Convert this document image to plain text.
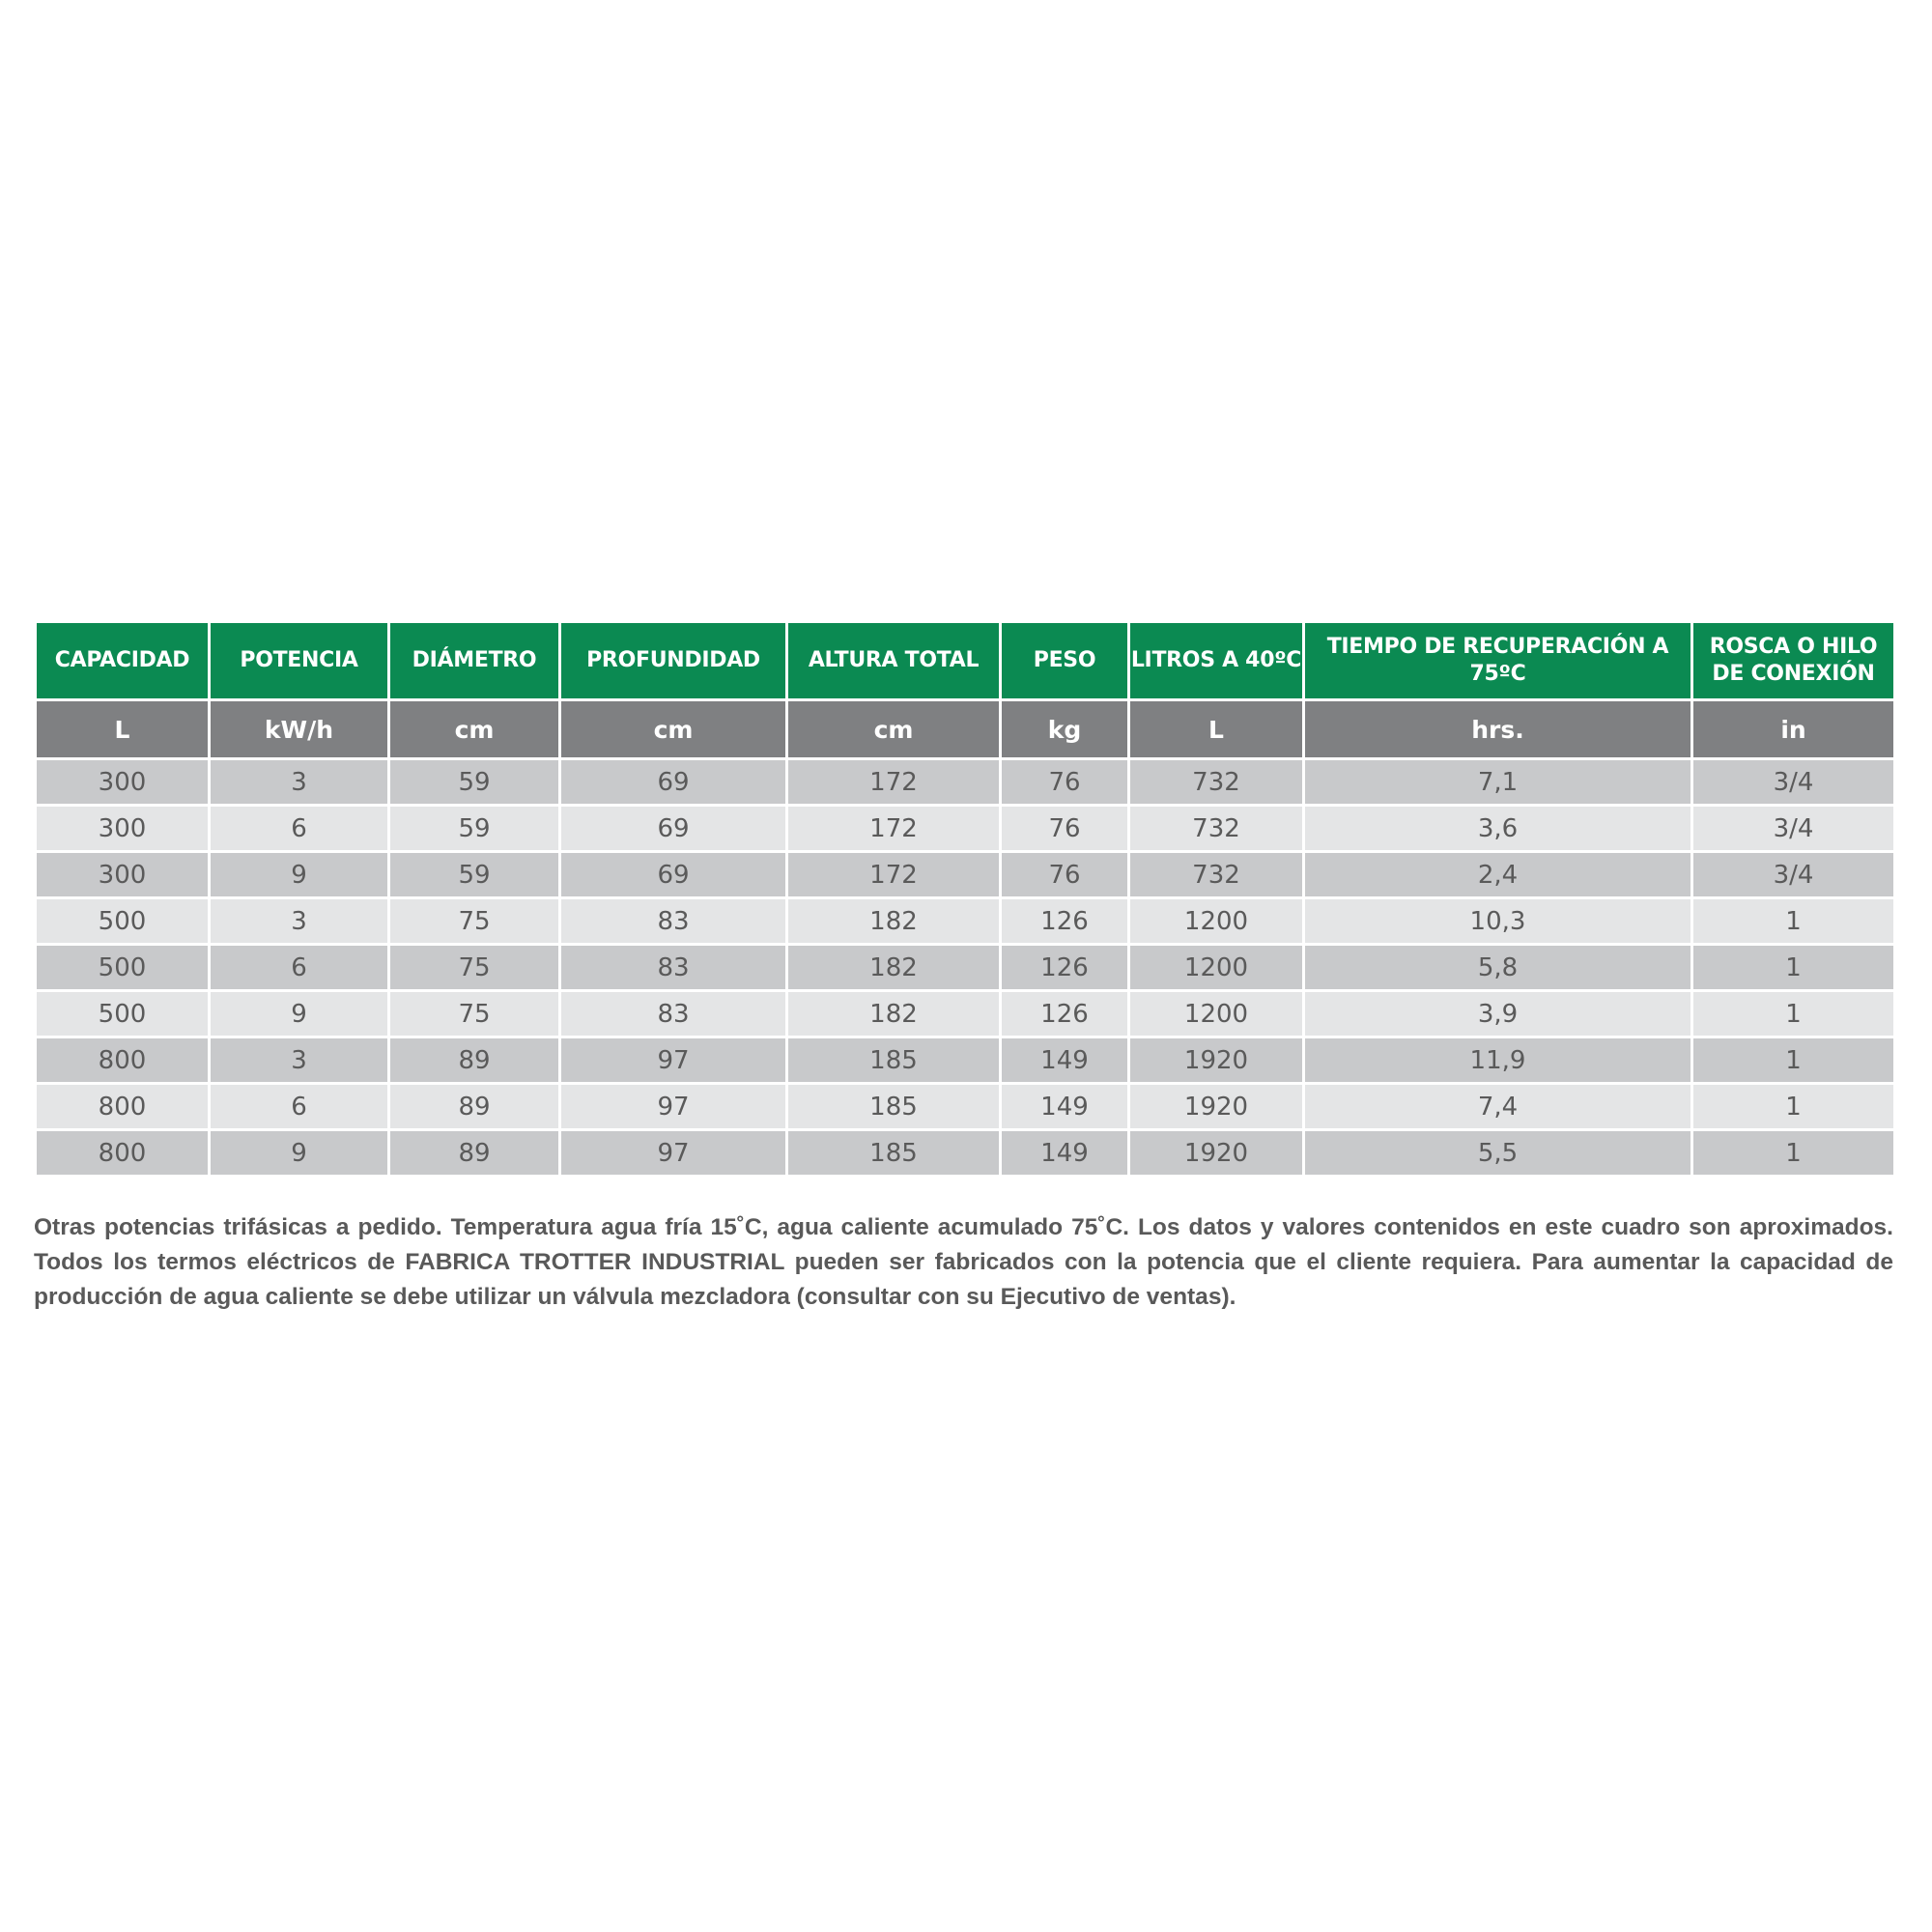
CAPACIDAD	POTENCIA	DIÁMETRO	PROFUNDIDAD	ALTURA TOTAL	PESO	LITROS A 40ºC	TIEMPO DE RECUPERACIÓN A 75ºC	ROSCA O HILO DE CONEXIÓN
L	kW/h	cm	cm	cm	kg	L	hrs.	in
300	3	59	69	172	76	732	7,1	3/4
300	6	59	69	172	76	732	3,6	3/4
300	9	59	69	172	76	732	2,4	3/4
500	3	75	83	182	126	1200	10,3	1
500	6	75	83	182	126	1200	5,8	1
500	9	75	83	182	126	1200	3,9	1
800	3	89	97	185	149	1920	11,9	1
800	6	89	97	185	149	1920	7,4	1
800	9	89	97	185	149	1920	5,5	1

Otras potencias trifásicas a pedido. Temperatura agua fría 15˚C, agua caliente acumulado 75˚C. Los datos y valores contenidos en este cuadro son aproximados. Todos los termos eléctricos de FABRICA TROTTER INDUSTRIAL pueden ser fabricados con la potencia que el cliente requiera. Para aumentar la capacidad de producción de agua caliente se debe utilizar un válvula mezcladora (consultar con su Ejecutivo de ventas).
